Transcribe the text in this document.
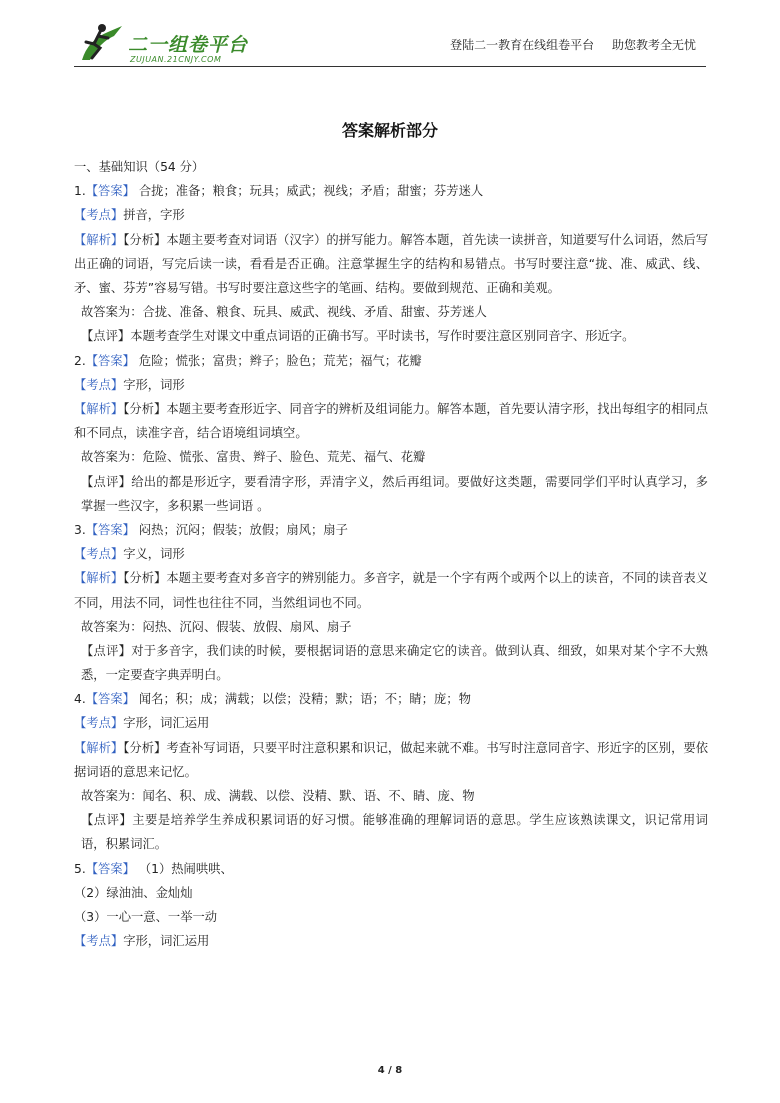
二一组卷平台
ZUJUAN.21CNJY.COM
登陆二一教育在线组卷平台 助您教考全无忧
答案解析部分
一、基础知识（54 分）
1.【答案】 合拢；准备；粮食；玩具；威武；视线；矛盾；甜蜜；芬芳迷人
【考点】拼音，字形
【解析】【分析】本题主要考查对词语（汉字）的拼写能力。解答本题，首先读一读拼音，知道要写什么词语，然后写出正确的词语，写完后读一读，看看是否正确。注意掌握生字的结构和易错点。书写时要注意“拢、准、威武、线、矛、蜜、芬芳”容易写错。书写时要注意这些字的笔画、结构。要做到规范、正确和美观。
故答案为：合拢、准备、粮食、玩具、威武、视线、矛盾、甜蜜、芬芳迷人
【点评】本题考查学生对课文中重点词语的正确书写。平时读书，写作时要注意区别同音字、形近字。
2.【答案】 危险；慌张；富贵；辫子；脸色；荒芜；福气；花瓣
【考点】字形，词形
【解析】【分析】本题主要考查形近字、同音字的辨析及组词能力。解答本题，首先要认清字形，找出每组字的相同点和不同点，读准字音，结合语境组词填空。
故答案为：危险、慌张、富贵、辫子、脸色、荒芜、福气、花瓣
【点评】给出的都是形近字，要看清字形，弄清字义，然后再组词。要做好这类题，需要同学们平时认真学习，多掌握一些汉字，多积累一些词语 。
3.【答案】 闷热；沉闷；假装；放假；扇风；扇子
【考点】字义，词形
【解析】【分析】本题主要考查对多音字的辨别能力。多音字，就是一个字有两个或两个以上的读音，不同的读音表义不同，用法不同，词性也往往不同，当然组词也不同。
故答案为：闷热、沉闷、假装、放假、扇风、扇子
【点评】对于多音字，我们读的时候，要根据词语的意思来确定它的读音。做到认真、细致，如果对某个字不大熟悉，一定要查字典弄明白。
4.【答案】 闻名；积；成；满载；以偿；没精；默；语；不；睛；庞；物
【考点】字形，词汇运用
【解析】【分析】考查补写词语，只要平时注意积累和识记，做起来就不难。书写时注意同音字、形近字的区别，要依据词语的意思来记忆。
故答案为：闻名、积、成、满载、以偿、没精、默、语、不、睛、庞、物
【点评】主要是培养学生养成积累词语的好习惯。能够准确的理解词语的意思。学生应该熟读课文，识记常用词语，积累词汇。
5.【答案】 （1）热闹哄哄、
（2）绿油油、金灿灿
（3）一心一意、一举一动
【考点】字形，词汇运用
4 / 8
